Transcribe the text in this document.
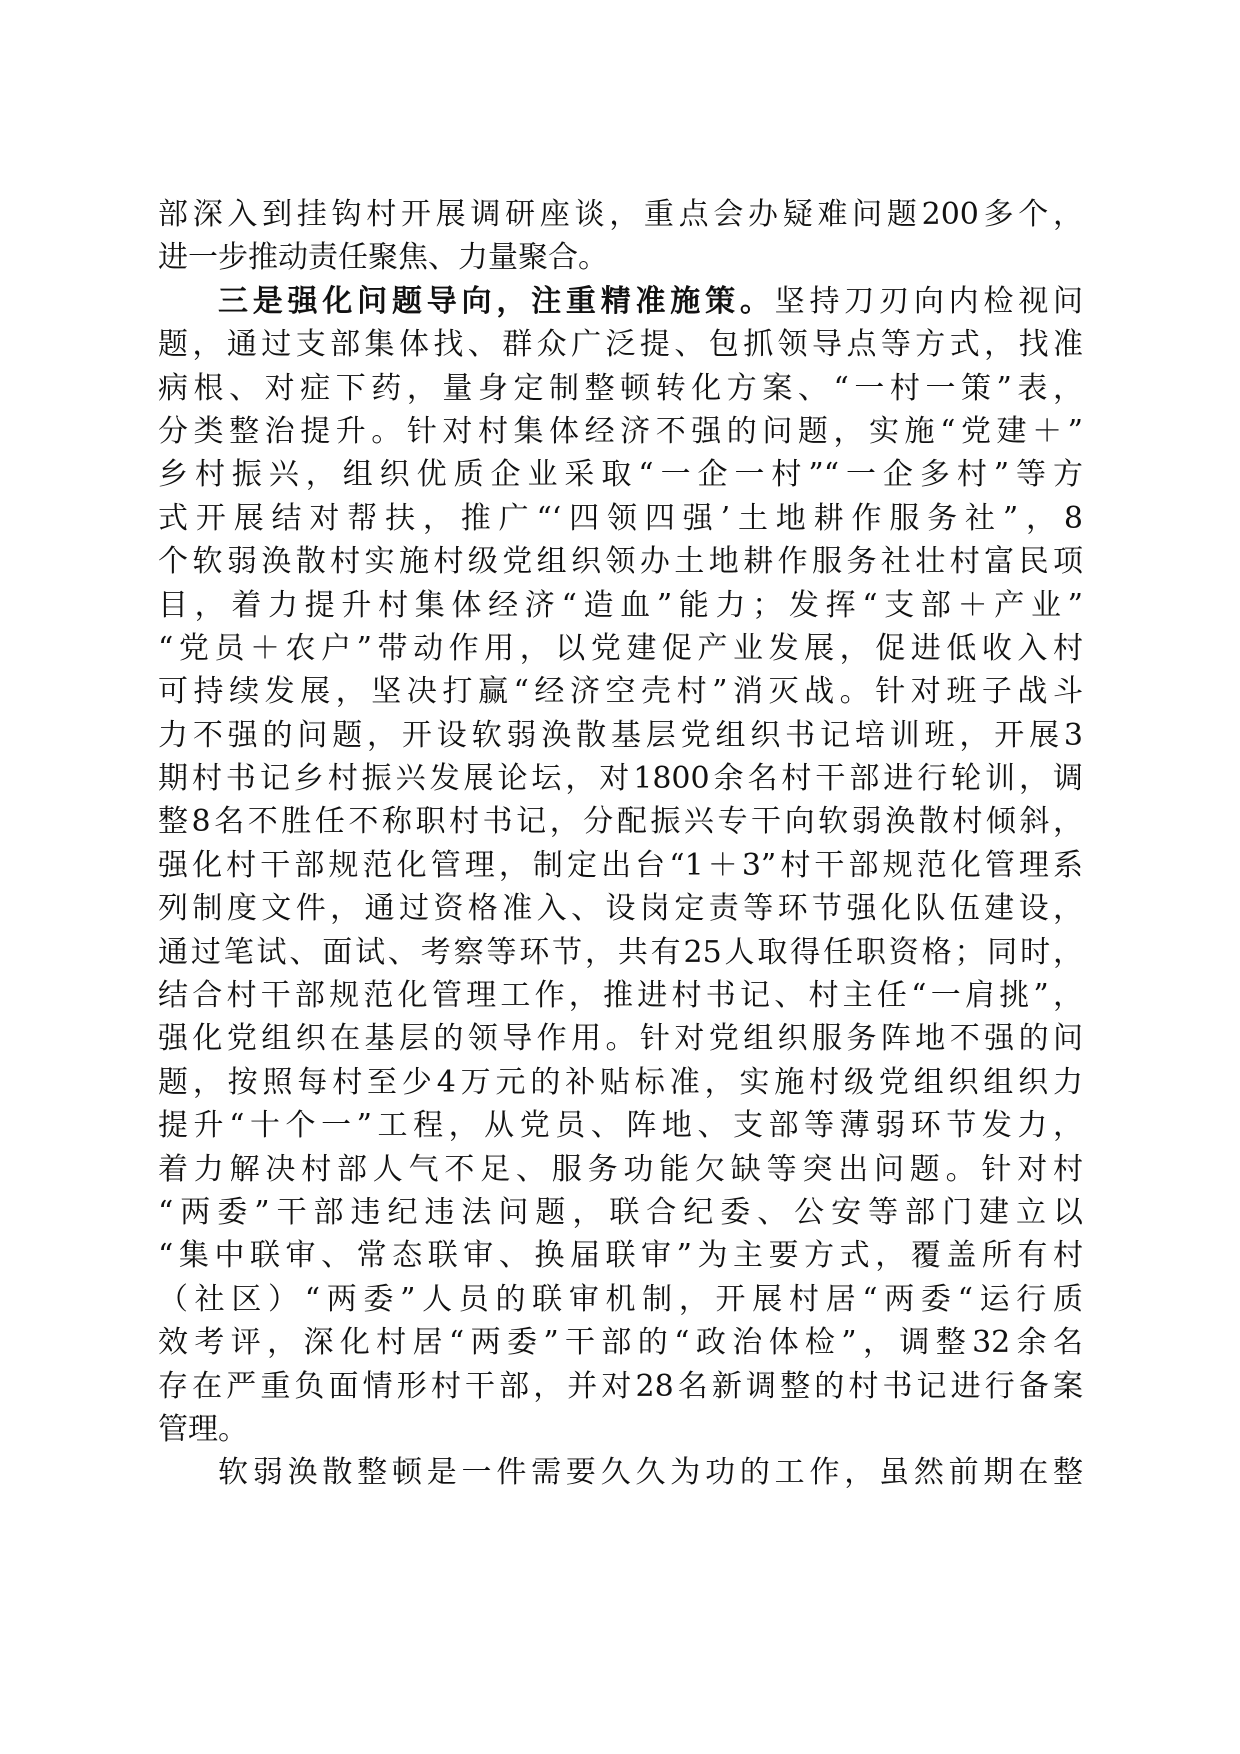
部深入到挂钩村开展调研座谈，重点会办疑难问题200多个，
进一步推动责任聚焦、力量聚合。
三是强化问题导向，注重精准施策。坚持刀刃向内检视问
题，通过支部集体找、群众广泛提、包抓领导点等方式，找准
病根、对症下药，量身定制整顿转化方案、“一村一策”表，
分类整治提升。针对村集体经济不强的问题，实施“党建＋”
乡村振兴，组织优质企业采取“一企一村”“一企多村”等方
式开展结对帮扶，推广“‘四领四强’土地耕作服务社”，8
个软弱涣散村实施村级党组织领办土地耕作服务社壮村富民项
目，着力提升村集体经济“造血”能力；发挥“支部＋产业”
“党员＋农户”带动作用，以党建促产业发展，促进低收入村
可持续发展，坚决打赢“经济空壳村”消灭战。针对班子战斗
力不强的问题，开设软弱涣散基层党组织书记培训班，开展3
期村书记乡村振兴发展论坛，对1800余名村干部进行轮训，调
整8名不胜任不称职村书记，分配振兴专干向软弱涣散村倾斜，
强化村干部规范化管理，制定出台“1＋3”村干部规范化管理系
列制度文件，通过资格准入、设岗定责等环节强化队伍建设，
通过笔试、面试、考察等环节，共有25人取得任职资格；同时，
结合村干部规范化管理工作，推进村书记、村主任“一肩挑”，
强化党组织在基层的领导作用。针对党组织服务阵地不强的问
题，按照每村至少4万元的补贴标准，实施村级党组织组织力
提升“十个一”工程，从党员、阵地、支部等薄弱环节发力，
着力解决村部人气不足、服务功能欠缺等突出问题。针对村
“两委”干部违纪违法问题，联合纪委、公安等部门建立以
“集中联审、常态联审、换届联审”为主要方式，覆盖所有村
（社区）“两委”人员的联审机制，开展村居“两委“运行质
效考评，深化村居“两委”干部的“政治体检”，调整32余名
存在严重负面情形村干部，并对28名新调整的村书记进行备案
管理。
软弱涣散整顿是一件需要久久为功的工作，虽然前期在整
